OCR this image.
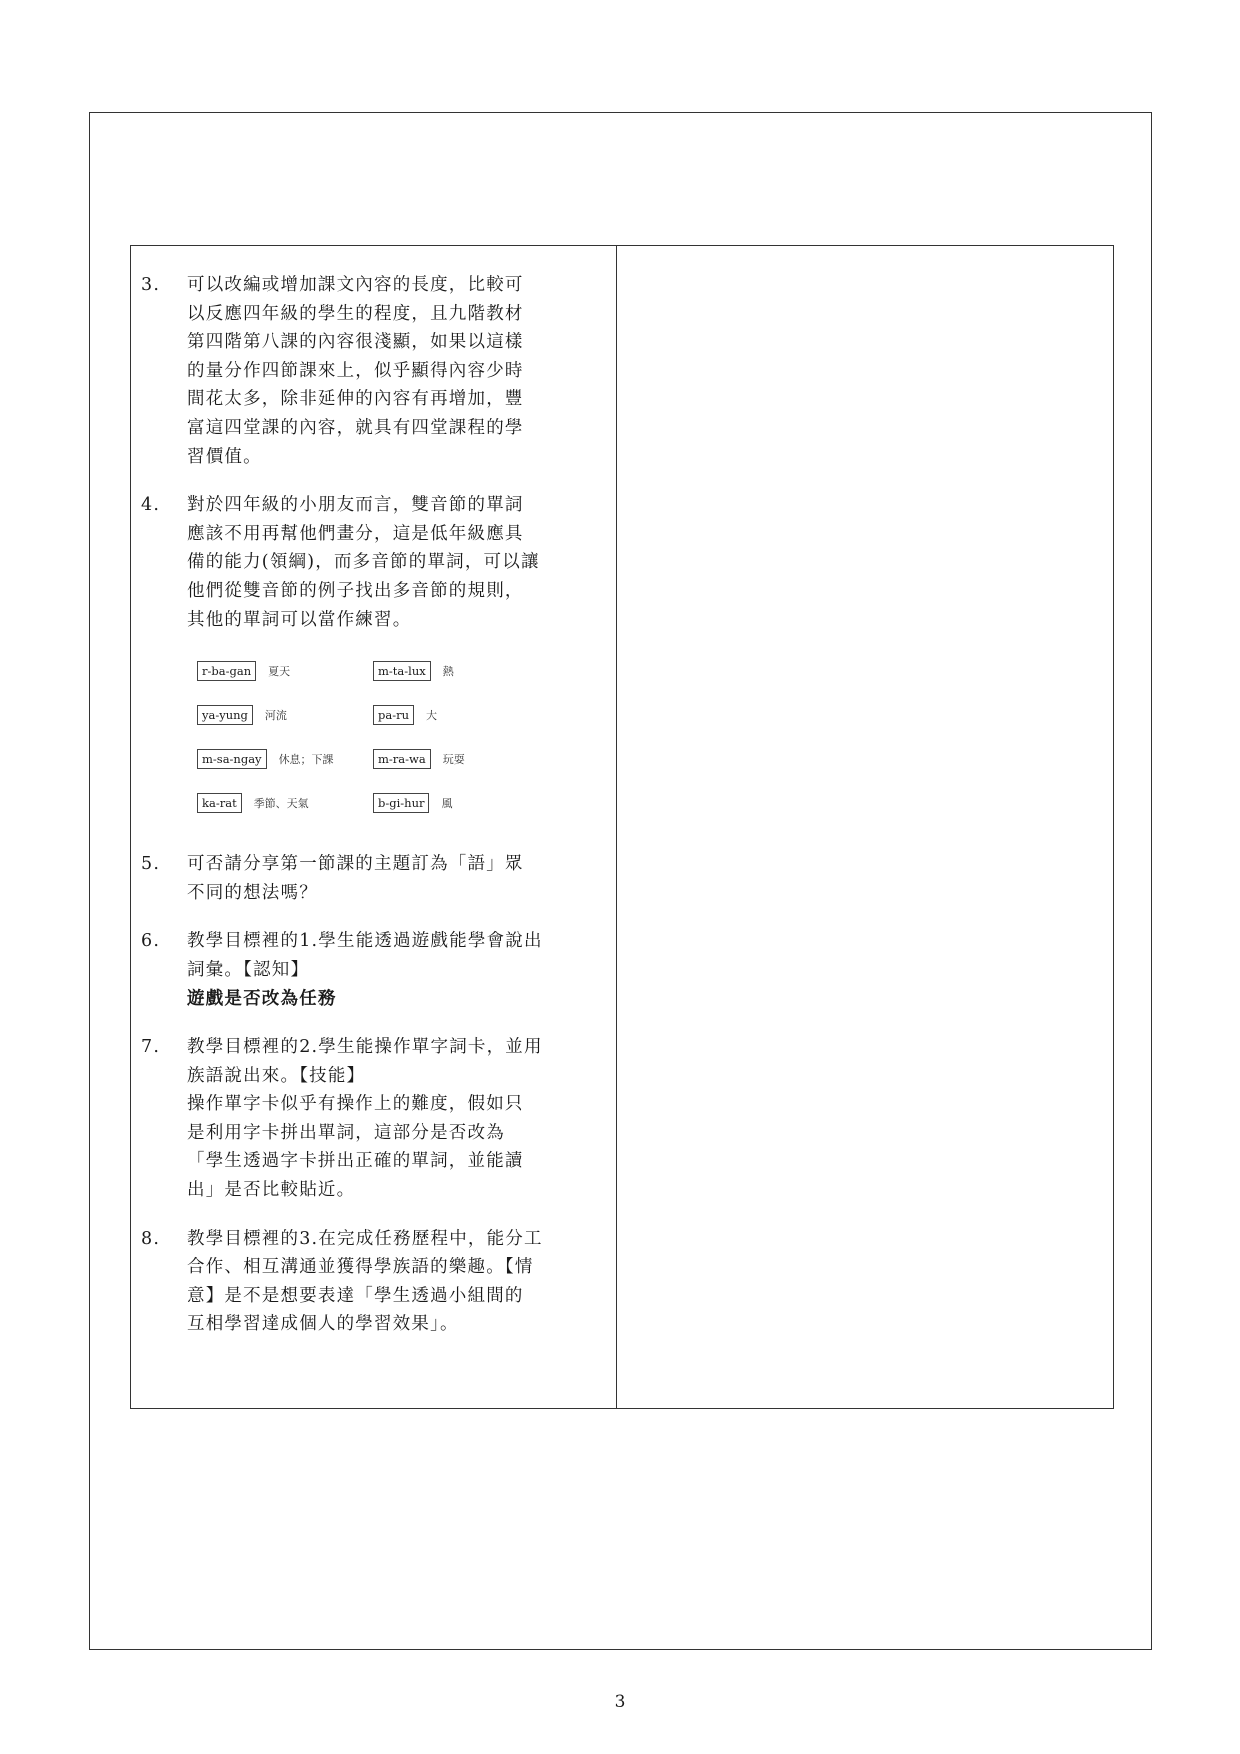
3.	可以改編或增加課文內容的長度，比較可
以反應四年級的學生的程度，且九階教材
第四階第八課的內容很淺顯，如果以這樣
的量分作四節課來上，似乎顯得內容少時
間花太多，除非延伸的內容有再增加，豐
富這四堂課的內容，就具有四堂課程的學
習價值。
4.	對於四年級的小朋友而言，雙音節的單詞
應該不用再幫他們畫分，這是低年級應具
備的能力(領綱)，而多音節的單詞，可以讓
他們從雙音節的例子找出多音節的規則，
其他的單詞可以當作練習。
r-ba-gan	夏天	m-ta-lux	熱
ya-yung	河流	pa-ru	大
m-sa-ngay	休息；下課	m-ra-wa	玩耍
ka-rat	季節、天氣	b-gi-hur	風
5.	可否請分享第一節課的主題訂為「語」眾
不同的想法嗎？
6.	教學目標裡的1.學生能透過遊戲能學會說出
詞彙。【認知】
遊戲是否改為任務
7.	教學目標裡的2.學生能操作單字詞卡，並用
族語說出來。【技能】
操作單字卡似乎有操作上的難度，假如只
是利用字卡拼出單詞，這部分是否改為
「學生透過字卡拼出正確的單詞，並能讀
出」是否比較貼近。
8.	教學目標裡的3.在完成任務歷程中，能分工
合作、相互溝通並獲得學族語的樂趣。【情
意】是不是想要表達「學生透過小組間的
互相學習達成個人的學習效果」。
3
